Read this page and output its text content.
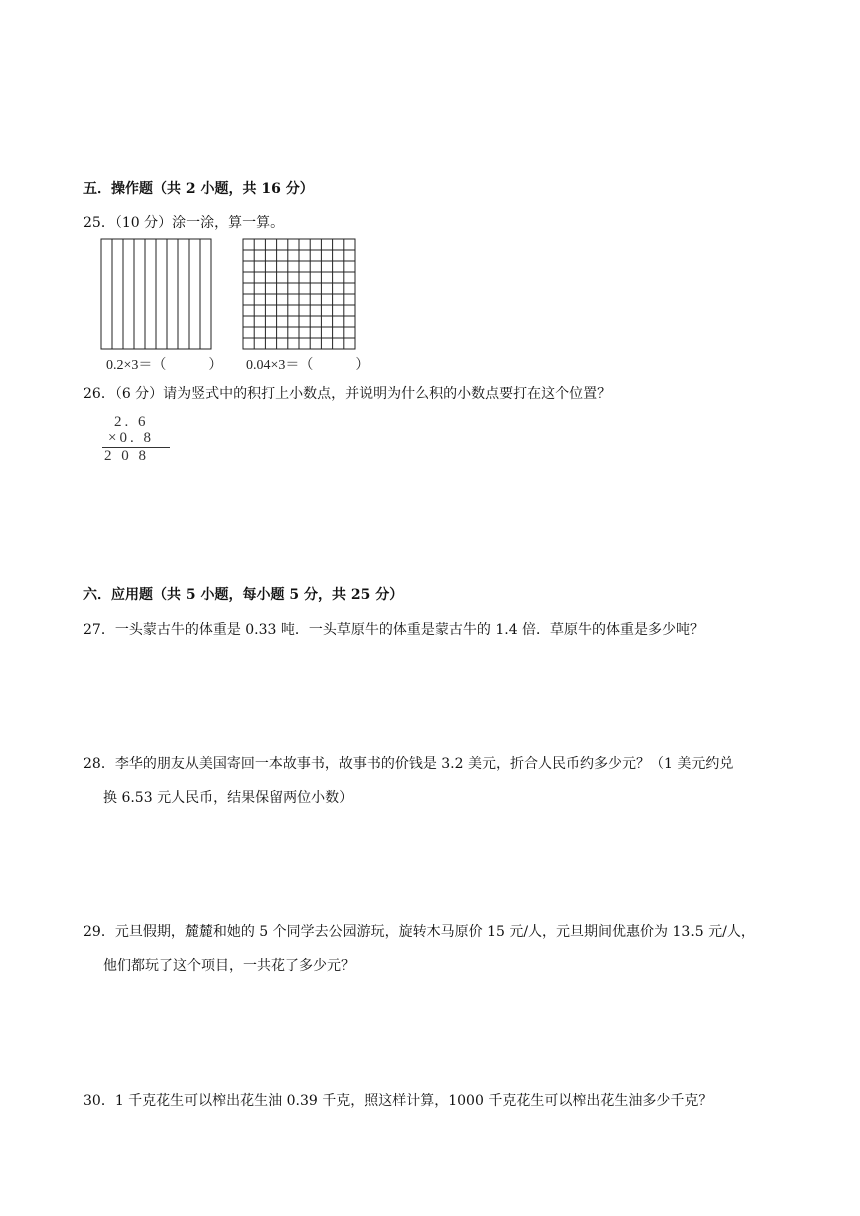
五．操作题（共 2 小题，共 16 分）
25．（10 分）涂一涂，算一算。
0.2×3＝（　　　） 0.04×3＝（　　　）
26．（6 分）请为竖式中的积打上小数点，并说明为什么积的小数点要打在这个位置？
2. 6
×0. 8
2 0 8
六．应用题（共 5 小题，每小题 5 分，共 25 分）
27．一头蒙古牛的体重是 0.33 吨．一头草原牛的体重是蒙古牛的 1.4 倍．草原牛的体重是多少吨？
28．李华的朋友从美国寄回一本故事书，故事书的价钱是 3.2 美元，折合人民币约多少元？（1 美元约兑
换 6.53 元人民币，结果保留两位小数）
29．元旦假期，麓麓和她的 5 个同学去公园游玩，旋转木马原价 15 元/人，元旦期间优惠价为 13.5 元/人，
他们都玩了这个项目，一共花了多少元？
30．1 千克花生可以榨出花生油 0.39 千克，照这样计算，1000 千克花生可以榨出花生油多少千克？
